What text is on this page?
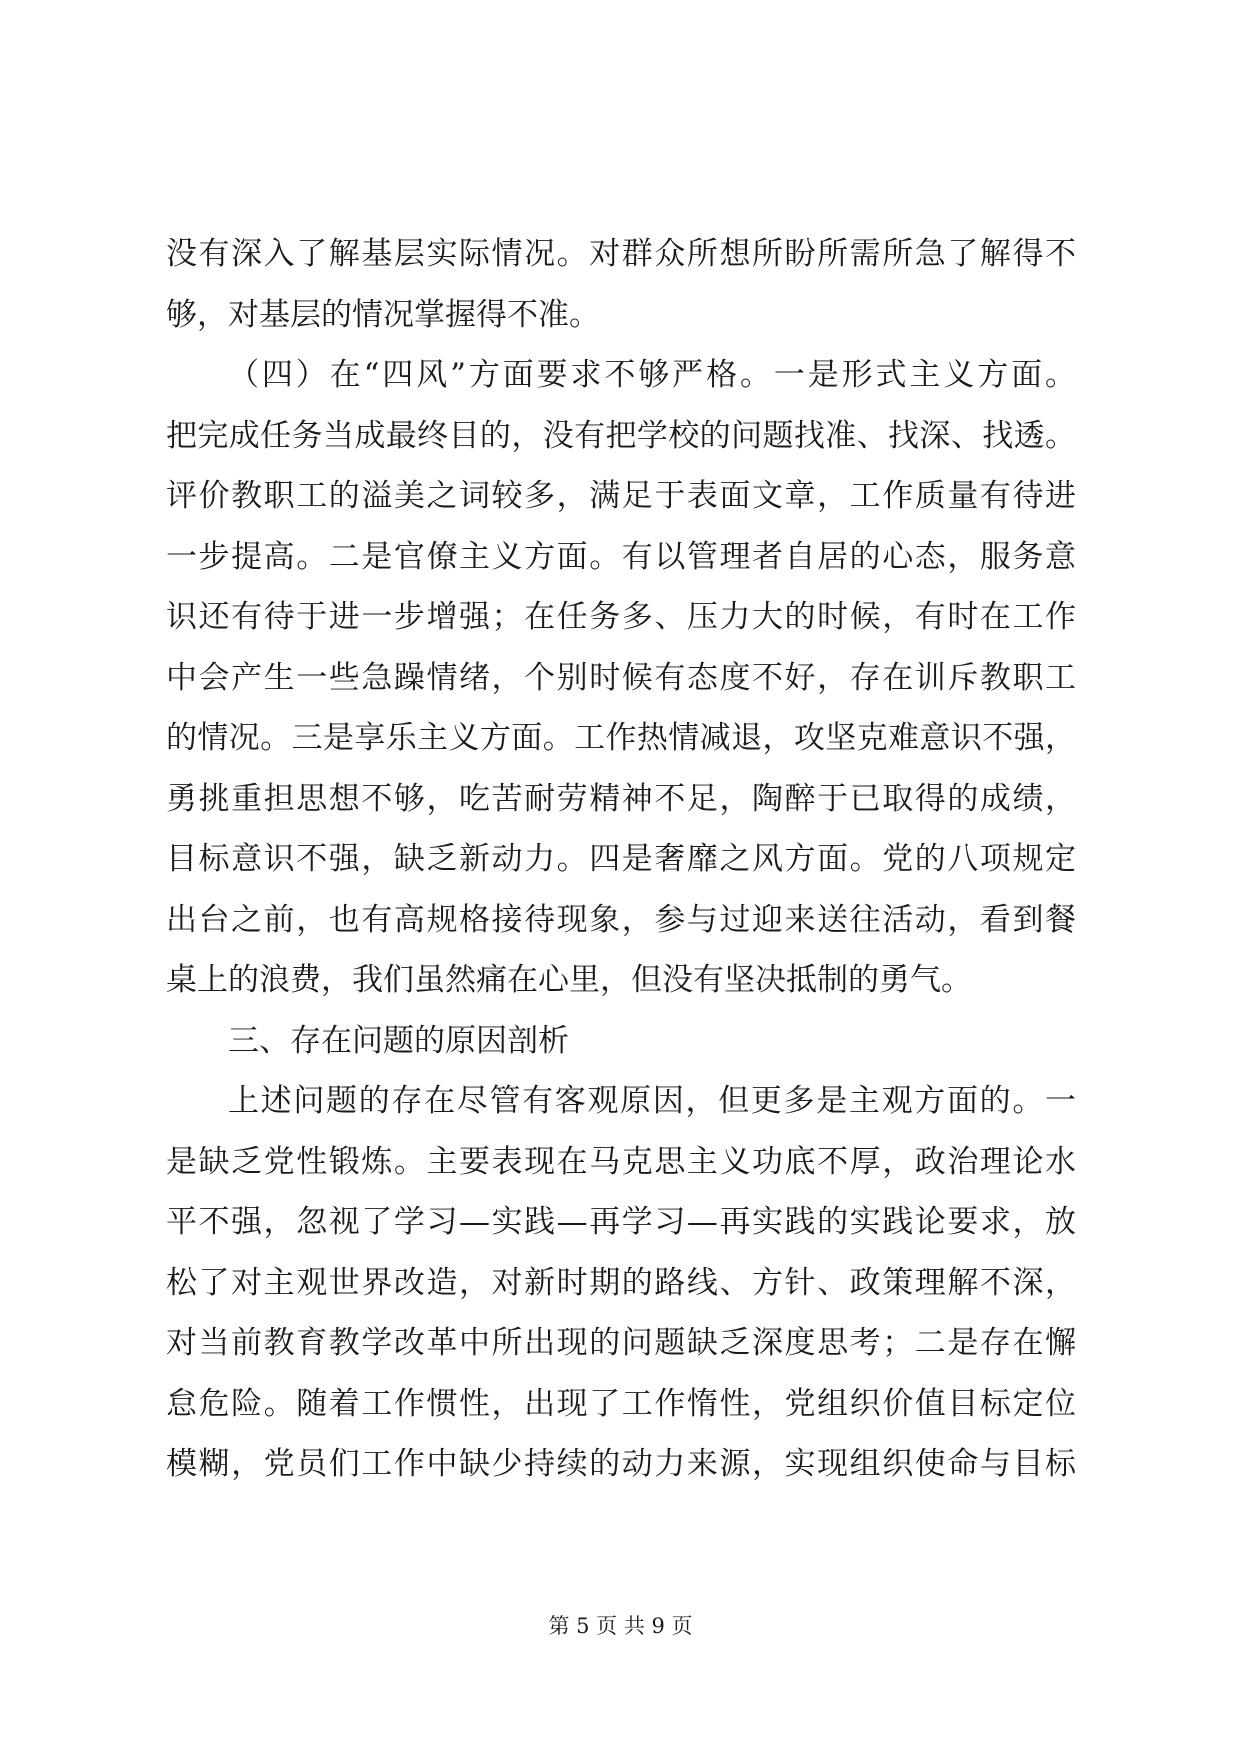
没有深入了解基层实际情况。对群众所想所盼所需所急了解得不
够，对基层的情况掌握得不准。
（四）在“四风”方面要求不够严格。一是形式主义方面。
把完成任务当成最终目的，没有把学校的问题找准、找深、找透。
评价教职工的溢美之词较多，满足于表面文章，工作质量有待进
一步提高。二是官僚主义方面。有以管理者自居的心态，服务意
识还有待于进一步增强；在任务多、压力大的时候，有时在工作
中会产生一些急躁情绪，个别时候有态度不好，存在训斥教职工
的情况。三是享乐主义方面。工作热情减退，攻坚克难意识不强，
勇挑重担思想不够，吃苦耐劳精神不足，陶醉于已取得的成绩，
目标意识不强，缺乏新动力。四是奢靡之风方面。党的八项规定
出台之前，也有高规格接待现象，参与过迎来送往活动，看到餐
桌上的浪费，我们虽然痛在心里，但没有坚决抵制的勇气。
三、存在问题的原因剖析
上述问题的存在尽管有客观原因，但更多是主观方面的。一
是缺乏党性锻炼。主要表现在马克思主义功底不厚，政治理论水
平不强，忽视了学习—实践—再学习—再实践的实践论要求，放
松了对主观世界改造，对新时期的路线、方针、政策理解不深，
对当前教育教学改革中所出现的问题缺乏深度思考；二是存在懈
怠危险。随着工作惯性，出现了工作惰性，党组织价值目标定位
模糊，党员们工作中缺少持续的动力来源，实现组织使命与目标
第 5 页 共 9 页
